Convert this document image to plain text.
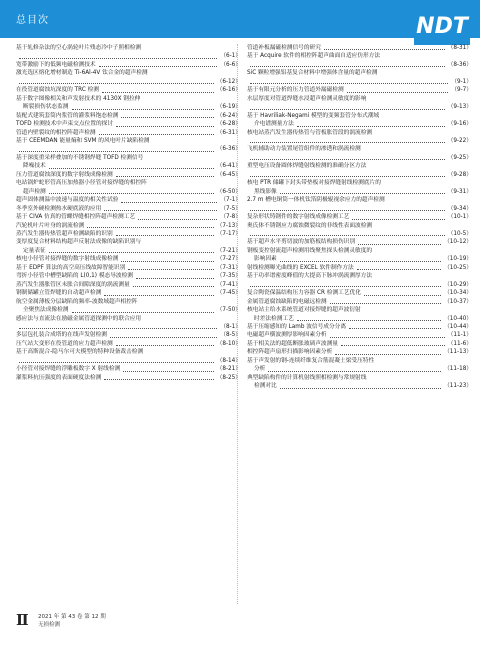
总目次	NDT
基于轧修杂法的空心涡轮叶片残态冷中子照相检测
（6-1）
宽带激励下的低频电磁检测技术	（6-6）
激光选区熔化增材制造 Ti-6Al-4V 钛合金的超声检测
（6-12）
在役管道腐蚀坑深度的 TRC 检测	（6-16）
基于数字图像相关和声发射技术的 4130X 钢拉伸
断裂损伤状态监测	（6-19）
装配式建筑套筒内浆管的灌浆料饱态检测	（6-24）
TOFD 检测技术中声束交点位置的探讨	（6-28）
管道内壁裂纹的相控阵超声检测	（6-31）
基于 CEEMDAN 能量熵和 SVM 的风电叶片缺陷检测
（6-36）
基于深度重采样叠加的不锈钢焊缝 TOFD 检测信号
降噪技术	（6-41）
压力管道腐蚀深度的数字射线成像检测	（6-45）
电站锅炉蛇形管高压加热器小径管对接焊缝的相控阵
超声检测	（6-50）
超声固体测温中波速与温度的相关性试验	（7-1）
冬季室外硬检测热水硬底液的应用	（7-5）
基于 CIVA 仿真的管螺焊缝相控阵超声检测工艺	（7-8）
汽轮机叶片叶身的涡流检测	（7-13）
蒸汽发生器传热管超声检测缺陷的识别	（7-17）
变厚度复合材料结构超声反射法成像的缺陷识别与
定量表征	（7-21）
核电小径管对接焊缝的数字射线成像检测	（7-27）
基于 EDPF 算法的高空高压线故障智能识别	（7-31）
弯折小径管中槽型缺陷的 L(0,1) 模态导波检测	（7-35）
蒸汽发生器胀管区未胀合间隙深度的涡流测量	（7-41）
钢制储罐立管焊缝的自动超声检测	（7-45）
航空金属薄板分层缺陷的频率-波数域超声相控阵
全聚焦法成像检测	（7-50）
感应法与直流法在励磁金属管道探测中的联合应用
（8-1）
多层包扎装合成塔的在线声发射检测	（8-5）
压气站大变形在役管道的应力超声检测	（8-10）
基于高斯混合-隐马尔可夫模型的特种设备裁击检测
（8-14）
小径管对接焊缝的浮雕板数字 X 射线检测	（8-21）
灌浆料抗压强度的表面硬度法检测	（8-25）
管道补板漏磁检测信号的研究	（8-31）
基于 Acquire 软件的相控阵超声曲面自适应仿形方法
（8-36）
SiC 颗粒增强铝基复合材料中增强体含量的超声检测
（9-1）
基于有限元分析的压力管道外漏磁检测	（9-7）
水层厚度对管道焊缝水浸超声检测灵敏度的影响
（9-13）
基于 Havriliak-Negami 模型的变频套管分布式潮域
介电谱测量方法	（9-16）
核电站蒸汽发生器传热管与管板胀管段的涡流检测
（9-22）
飞机辅助动力装置尾管组件的渗透和涡流检测
（9-25）
重型电压设备圆体焊缝射线检测的准确分区方法
（9-28）
核电 PTR 储罐下封头带垫板对接焊缝射线检测底片的
黑线影像	（9-31）
2.7 m 槽电铜筒一体机钛箔阴极辊视余应力的超声检测
（9-34）
复杂形状铸钢件的数字射线成像检测工艺	（10-1）
奥氏体不锈钢应力腐蚀微裂纹的非线性表面波检测
（10-5）
基于超声水平剪切波的加筋板结构损伤识别	（10-12）
钢板变控射流超声检测用线聚焦探头检测灵敏度的
影响因素	（10-19）
射线检测曝光曲线的 EXCEL 软件制作方法	（10-25）
基于功率谱密度峰值的大提高下脉冲涡流测厚方法
（10-29）
复合陶瓷保温结构压力容器 CR 检测工艺优化	（10-34）
金属管道腐蚀缺陷的电磁远检测	（10-37）
核电站主给水系统管道对接焊缝的超声波衍射
时差法检测工艺	（10-40）
基于压缩感知的 Lamb 波信号成分分离	（10-44）
电磁超声横波测厚影响因素分析	（11-1）
基于相关法的超低断胀玻璃声波测量	（11-6）
相控阵超声扇形扫描影响因素分析	（11-13）
基于声发射的钢-连续纤维复合筋混凝土梁受压特性
分析	（11-18）
典型缺陷构件的计算机射线照相检测与常规射线
检测对比	（11-23）
Ⅱ 2021 年 第 43 卷 第 12 期
无损检测
